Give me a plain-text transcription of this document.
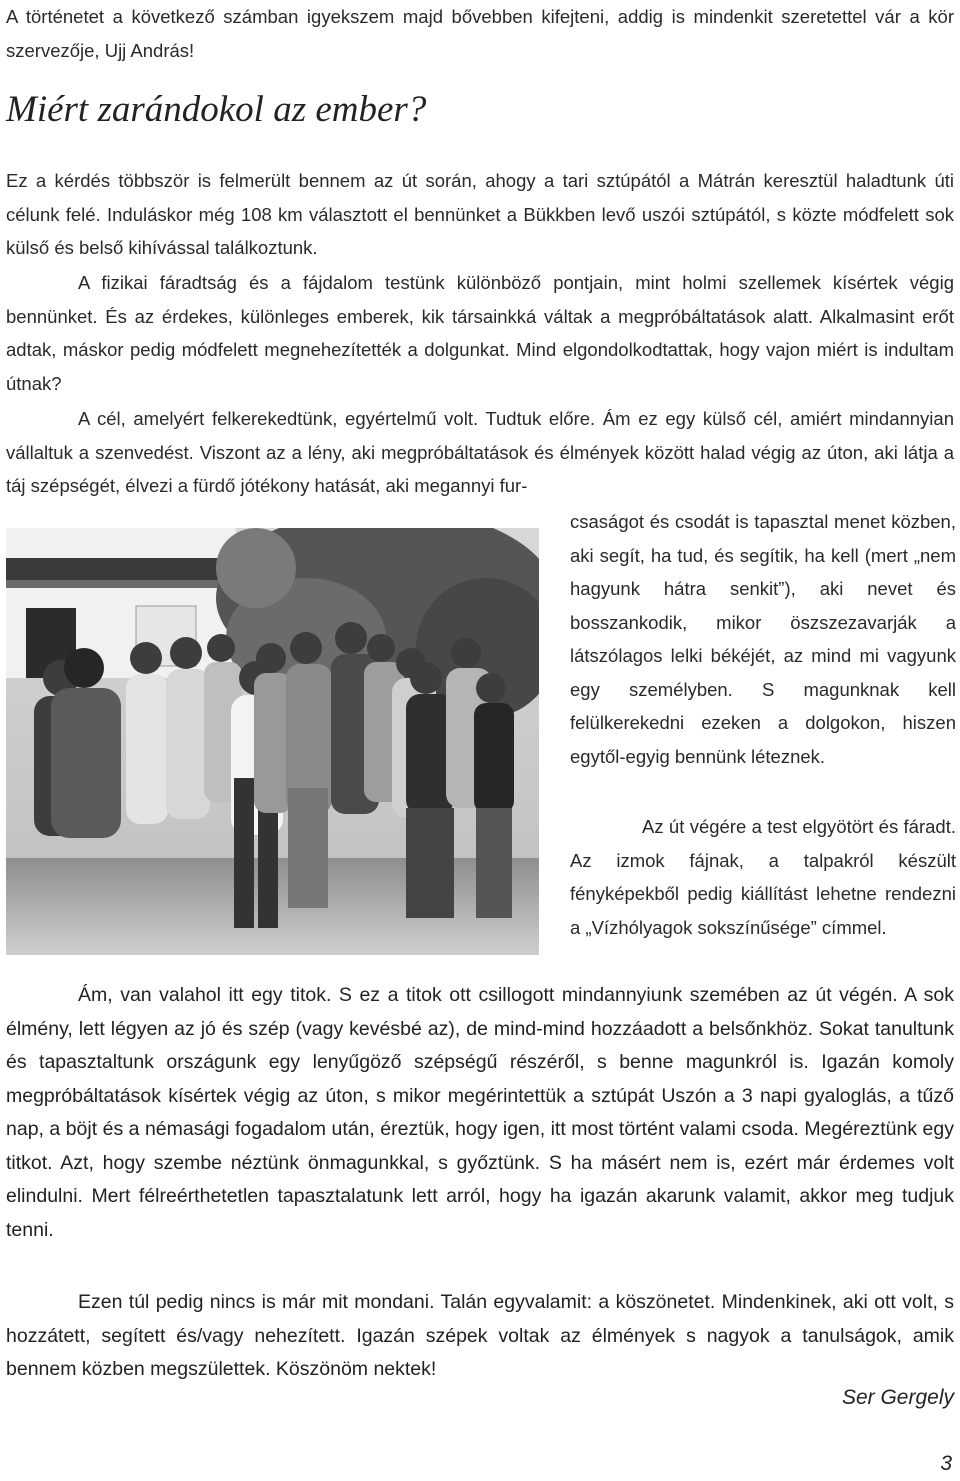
A történetet a következő számban igyekszem majd bővebben kifejteni, addig is mindenkit szeretettel vár a kör szervezője, Ujj András!

Miért zarándokol az ember?

Ez a kérdés többször is felmerült bennem az út során, ahogy a tari sztúpától a Mátrán keresztül haladtunk úti célunk felé. Induláskor még 108 km választott el bennünket a Bükkben levő uszói sztúpától, s közte módfelett sok külső és belső kihívással találkoztunk.

A fizikai fáradtság és a fájdalom testünk különböző pontjain, mint holmi szellemek kísértek végig bennünket. És az érdekes, különleges emberek, kik társainkká váltak a megpróbáltatások alatt. Alkalmasint erőt adtak, máskor pedig módfelett megnehezítették a dolgunkat. Mind elgondolkodtattak, hogy vajon miért is indultam útnak?

A cél, amelyért felkerekedtünk, egyértelmű volt. Tudtuk előre. Ám ez egy külső cél, amiért mindannyian vállaltuk a szenvedést. Viszont az a lény, aki megpróbáltatások és élmények között halad végig az úton, aki látja a táj szépségét, élvezi a fürdő jótékony hatását, aki megannyi fur-

csaságot és csodát is tapasztal menet közben, aki segít, ha tud, és segítik, ha kell (mert „nem hagyunk hátra senkit”), aki nevet és bosszankodik, mikor öszszezavarják a látszólagos lelki békéjét, az mind mi vagyunk egy személyben. S magunknak kell felülkerekedni ezeken a dolgokon, hiszen egytől-egyig bennünk léteznek.

Az út végére a test elgyötört és fáradt. Az izmok fájnak, a talpakról készült fényképekből pedig kiállítást lehetne rendezni a „Vízhólyagok sokszínűsége” címmel.

Ám, van valahol itt egy titok. S ez a titok ott csillogott mindannyiunk szemében az út végén. A sok élmény, lett légyen az jó és szép (vagy kevésbé az), de mind-mind hozzáadott a belsőnkhöz. Sokat tanultunk és tapasztaltunk országunk egy lenyűgöző szépségű részéről, s benne magunkról is. Igazán komoly megpróbáltatások kísértek végig az úton, s mikor megérintettük a sztúpát Uszón a 3 napi gyaloglás, a tűző nap, a böjt és a némasági fogadalom után, éreztük, hogy igen, itt most történt valami csoda. Megéreztünk egy titkot. Azt, hogy szembe néztünk önmagunkkal, s győztünk. S ha másért nem is, ezért már érdemes volt elindulni. Mert félreérthetetlen tapasztalatunk lett arról, hogy ha igazán akarunk valamit, akkor meg tudjuk tenni.

Ezen túl pedig nincs is már mit mondani. Talán egyvalamit: a köszönetet. Mindenkinek, aki ott volt, s hozzátett, segített és/vagy nehezített. Igazán szépek voltak az élmények s nagyok a tanulságok, amik bennem közben megszülettek. Köszönöm nektek!

Ser Gergely

3
